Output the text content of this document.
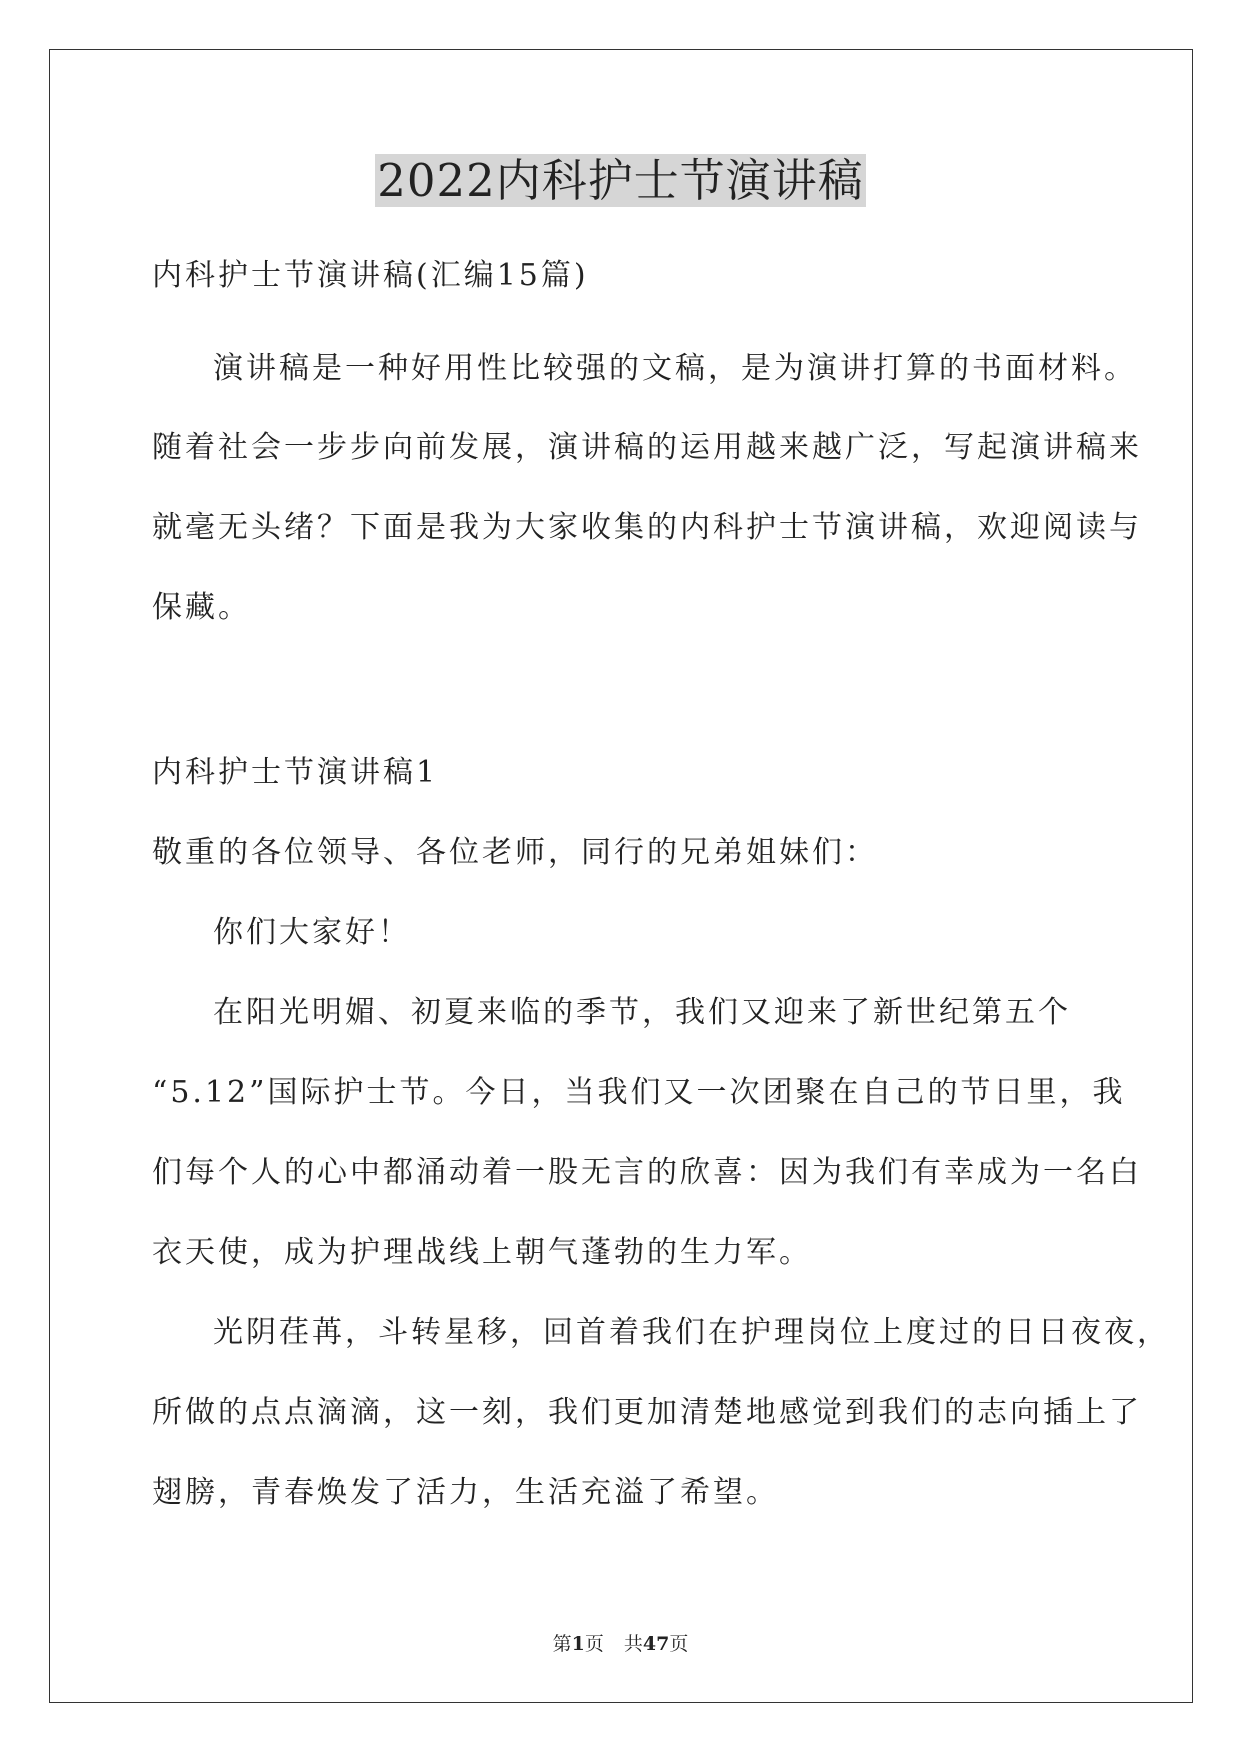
2022内科护士节演讲稿
内科护士节演讲稿(汇编15篇)
演讲稿是一种好用性比较强的文稿，是为演讲打算的书面材料。
随着社会一步步向前发展，演讲稿的运用越来越广泛，写起演讲稿来
就毫无头绪？下面是我为大家收集的内科护士节演讲稿，欢迎阅读与
保藏。
内科护士节演讲稿1
敬重的各位领导、各位老师，同行的兄弟姐妹们：
你们大家好！
在阳光明媚、初夏来临的季节，我们又迎来了新世纪第五个
“5.12”国际护士节。今日，当我们又一次团聚在自己的节日里，我
们每个人的心中都涌动着一股无言的欣喜：因为我们有幸成为一名白
衣天使，成为护理战线上朝气蓬勃的生力军。
光阴荏苒，斗转星移，回首着我们在护理岗位上度过的日日夜夜，
所做的点点滴滴，这一刻，我们更加清楚地感觉到我们的志向插上了
翅膀，青春焕发了活力，生活充溢了希望。
第1页 共47页
